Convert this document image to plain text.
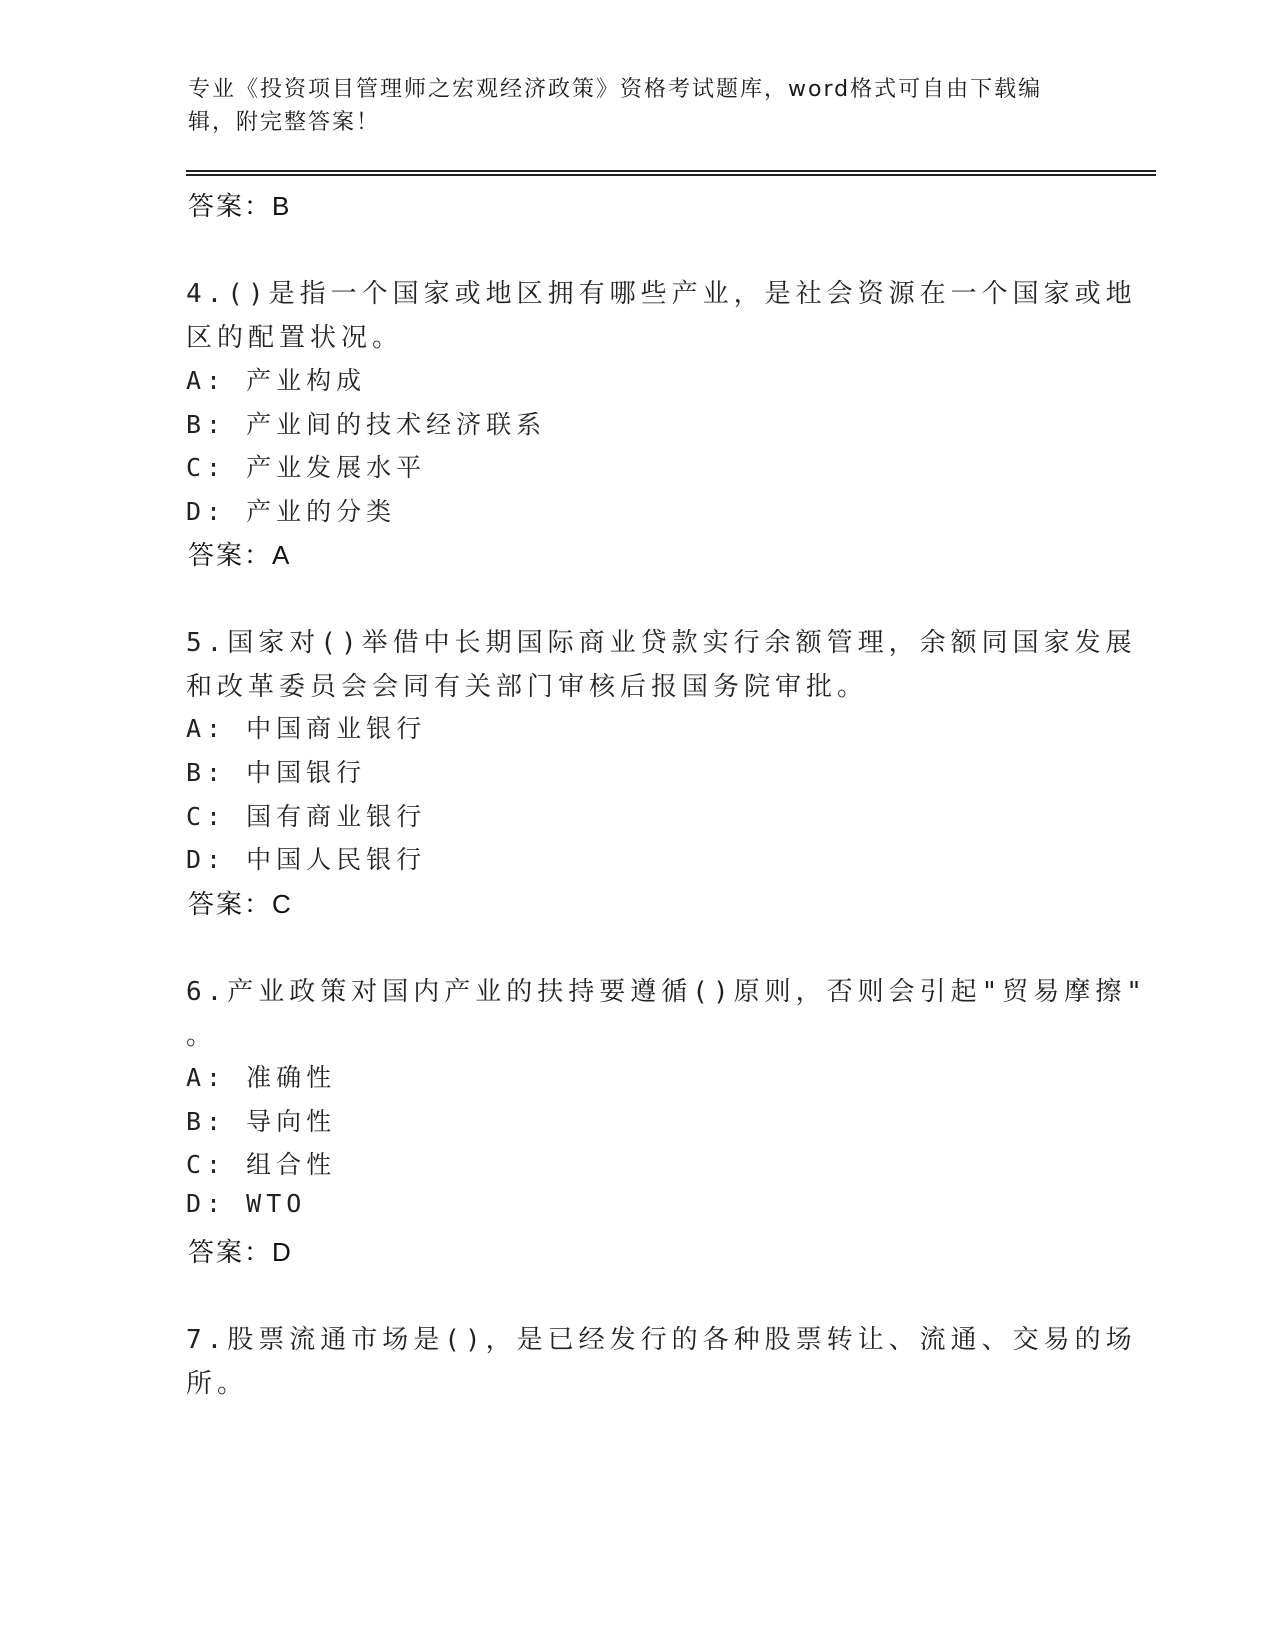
专业《投资项目管理师之宏观经济政策》资格考试题库，word格式可自由下载编
辑，附完整答案！
答案：B
4.()是指一个国家或地区拥有哪些产业，是社会资源在一个国家或地
区的配置状况。
A: 产业构成
B: 产业间的技术经济联系
C: 产业发展水平
D: 产业的分类
答案：A
5.国家对()举借中长期国际商业贷款实行余额管理，余额同国家发展
和改革委员会会同有关部门审核后报国务院审批。
A: 中国商业银行
B: 中国银行
C: 国有商业银行
D: 中国人民银行
答案：C
6.产业政策对国内产业的扶持要遵循()原则，否则会引起"贸易摩擦"
。
A: 准确性
B: 导向性
C: 组合性
D: WTO
答案：D
7.股票流通市场是()，是已经发行的各种股票转让、流通、交易的场
所。
